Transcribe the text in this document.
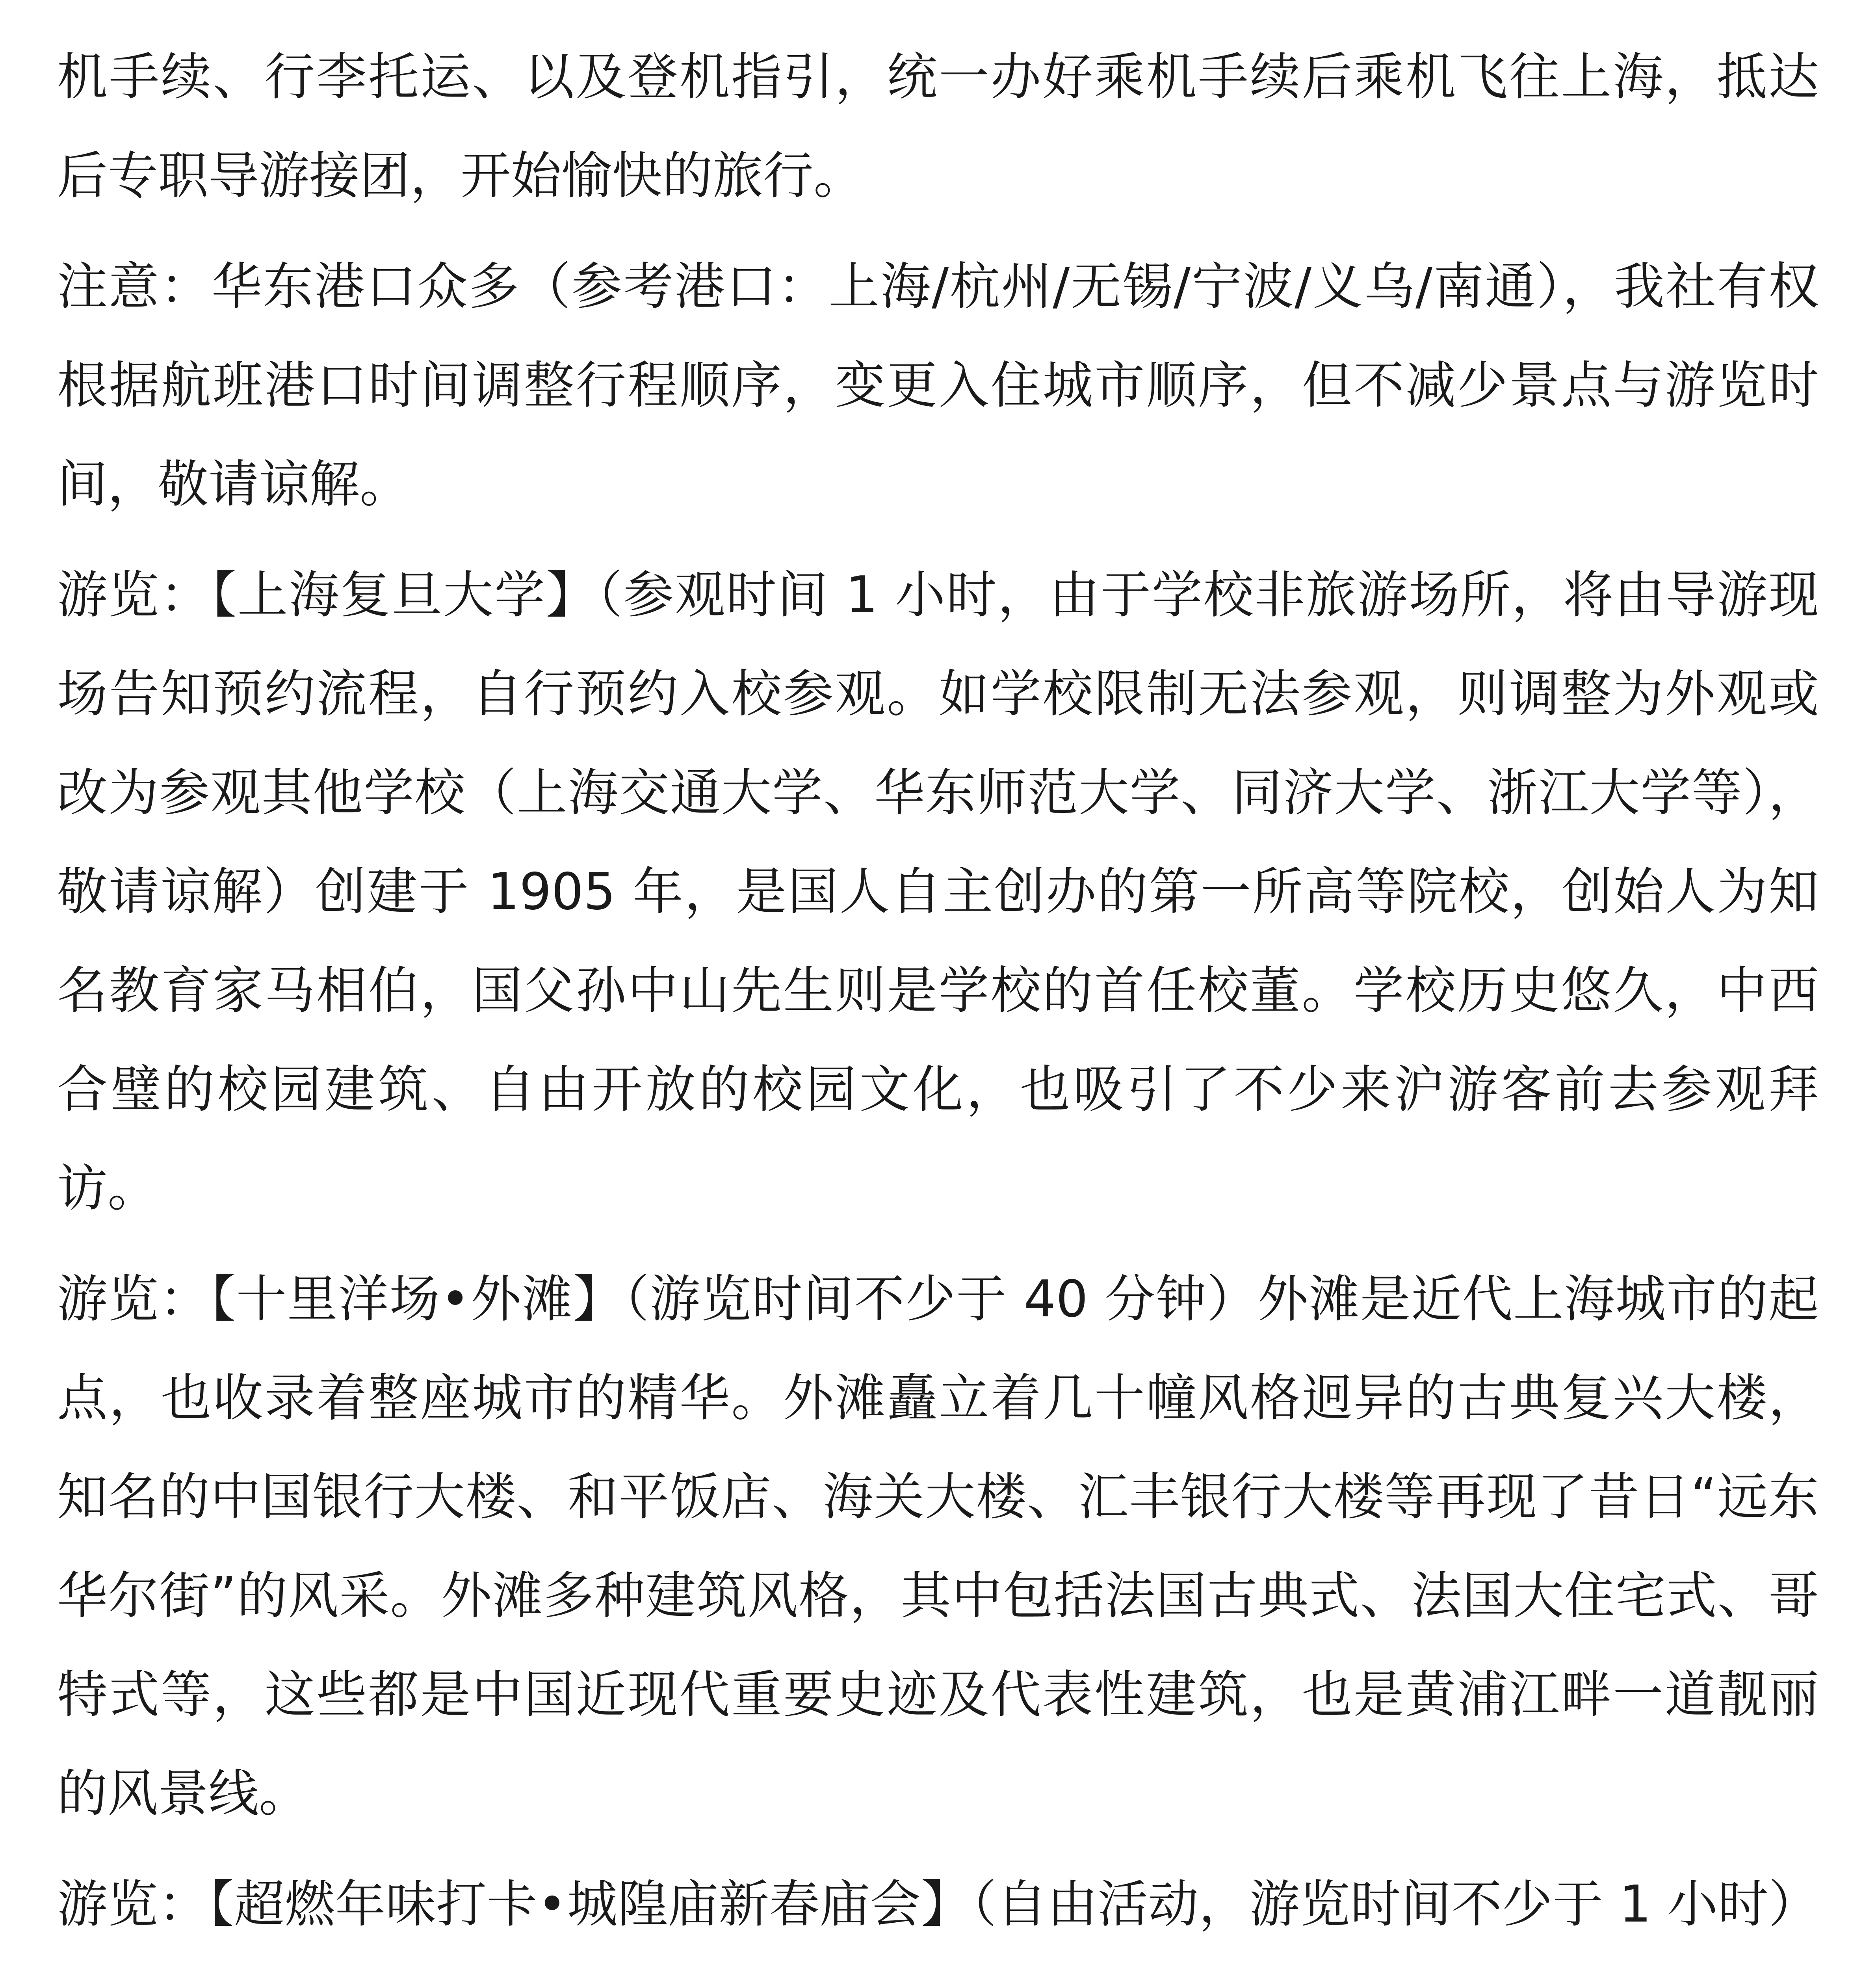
机手续、行李托运、以及登机指引，统一办好乘机手续后乘机飞往上海，抵达后专职导游接团，开始愉快的旅行。

注意：华东港口众多（参考港口：上海/杭州/无锡/宁波/义乌/南通），我社有权根据航班港口时间调整行程顺序，变更入住城市顺序，但不减少景点与游览时间，敬请谅解。

游览：【上海复旦大学】（参观时间 1 小时，由于学校非旅游场所，将由导游现场告知预约流程，自行预约入校参观。如学校限制无法参观，则调整为外观或改为参观其他学校（上海交通大学、华东师范大学、同济大学、浙江大学等），敬请谅解）创建于 1905 年，是国人自主创办的第一所高等院校，创始人为知名教育家马相伯，国父孙中山先生则是学校的首任校董。学校历史悠久，中西合璧的校园建筑、自由开放的校园文化，也吸引了不少来沪游客前去参观拜访。

游览：【十里洋场•外滩】（游览时间不少于 40 分钟）外滩是近代上海城市的起点，也收录着整座城市的精华。外滩矗立着几十幢风格迥异的古典复兴大楼，知名的中国银行大楼、和平饭店、海关大楼、汇丰银行大楼等再现了昔日“远东华尔街”的风采。外滩多种建筑风格，其中包括法国古典式、法国大住宅式、哥特式等，这些都是中国近现代重要史迹及代表性建筑，也是黄浦江畔一道靓丽的风景线。

游览：【超燃年味打卡•城隍庙新春庙会】（自由活动，游览时间不少于 1 小时）
